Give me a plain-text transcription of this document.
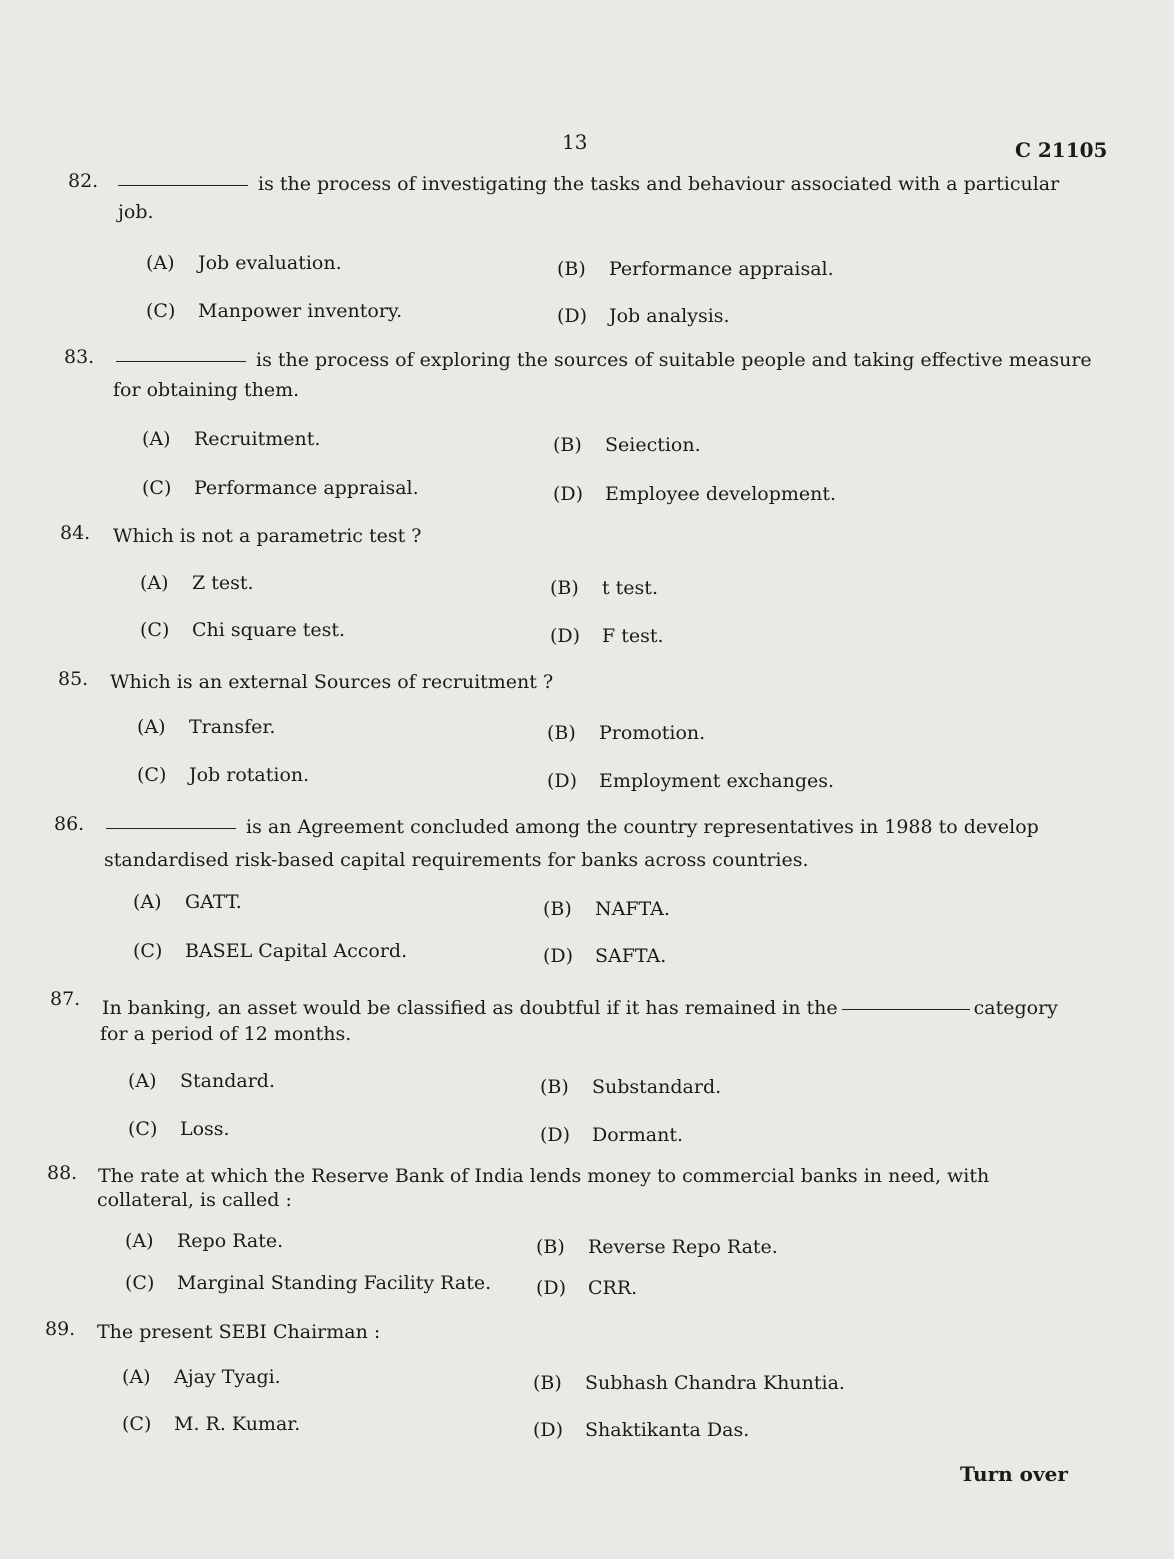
13	C 21105
82.	is the process of investigating the tasks and behaviour associated with a particular
job.
(A) Job evaluation.	(B) Performance appraisal.
(C) Manpower inventory.	(D) Job analysis.
83.	is the process of exploring the sources of suitable people and taking effective measure
for obtaining them.
(A) Recruitment.	(B) Seiection.
(C) Performance appraisal.	(D) Employee development.
84. Which is not a parametric test ?
(A) Z test.	(B) t test.
(C) Chi square test.	(D) F test.
85. Which is an external Sources of recruitment ?
(A) Transfer.	(B) Promotion.
(C) Job rotation.	(D) Employment exchanges.
86.	is an Agreement concluded among the country representatives in 1988 to develop
standardised risk-based capital requirements for banks across countries.
(A) GATT.	(B) NAFTA.
(C) BASEL Capital Accord.	(D) SAFTA.
87. In banking, an asset would be classified as doubtful if it has remained in the	category
for a period of 12 months.
(A) Standard.	(B) Substandard.
(C) Loss.	(D) Dormant.
88. The rate at which the Reserve Bank of India lends money to commercial banks in need, with
collateral, is called :
(A) Repo Rate.	(B) Reverse Repo Rate.
(C) Marginal Standing Facility Rate. (D) CRR.
89. The present SEBI Chairman :
(A) Ajay Tyagi.	(B) Subhash Chandra Khuntia.
(C) M. R. Kumar.	(D) Shaktikanta Das.
Turn over
